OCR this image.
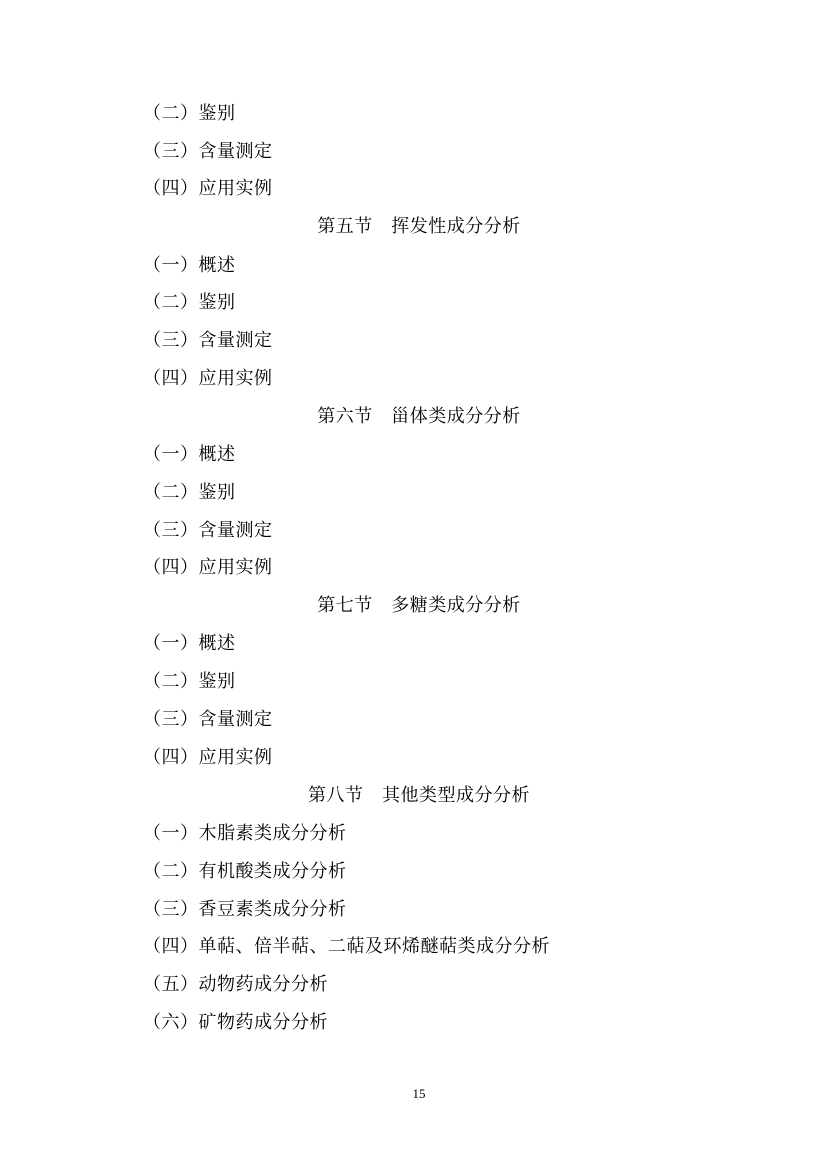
（二）鉴别
（三）含量测定
（四）应用实例
第五节　挥发性成分分析
（一）概述
（二）鉴别
（三）含量测定
（四）应用实例
第六节　甾体类成分分析
（一）概述
（二）鉴别
（三）含量测定
（四）应用实例
第七节　多糖类成分分析
（一）概述
（二）鉴别
（三）含量测定
（四）应用实例
第八节　其他类型成分分析
（一）木脂素类成分分析
（二）有机酸类成分分析
（三）香豆素类成分分析
（四）单萜、倍半萜、二萜及环烯醚萜类成分分析
（五）动物药成分分析
（六）矿物药成分分析
15
